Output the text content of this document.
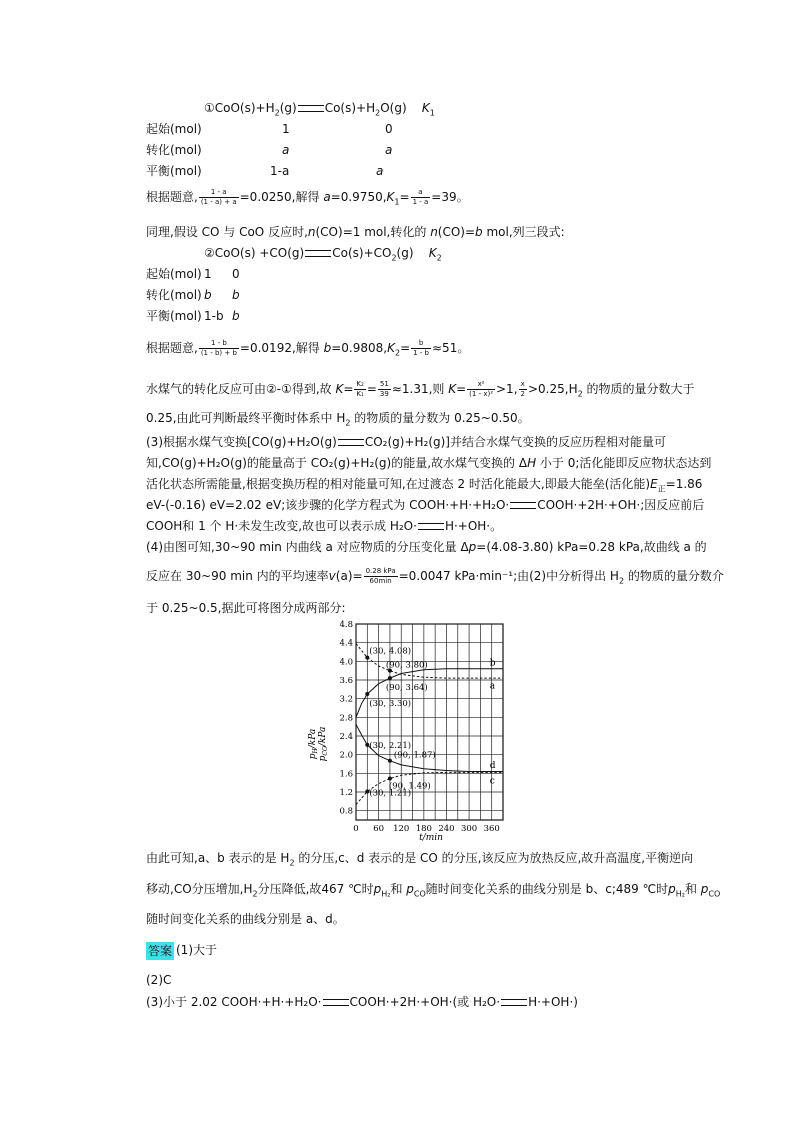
$①CoO(s)+H_2(g)$ $Co(s)+H_2O(g)$ $K_1$
起始(mol)	1	0
转化(mol)	a	a
平衡(mol)	1-a	a
根据题意, $\frac{1 - a}{(1 - a) + a} =0.0250$,解得 $a=0.9750,K_1= \frac{a}{1 - a} =39$。
同理,假设 CO 与 CoO 反应时,n(CO)=1 mol,转化的 n(CO)=b mol,列三段式:
②CoO(s) +CO(g) $Co(s)+CO_2(g)$ $K_2$
起始(mol) 1 0
转化(mol) b b
平衡(mol) 1-b b
根据题意, $\frac{1 - b}{(1 - b) + b} =0.0192$,解得 $b=0.9808,K_2= \frac{b}{1 - b} \approx 51$。
水煤气的转化反应可由②-①得到,故 $K= \frac{\text{K₂}}{\text{K₁}} = \frac{51}{39} \approx 1.31$,则 $K= \frac{\text{x²}}{\text{(1 - x)²}} >1$, $\frac{x}{2} >0.25,H_2$ 的物质的量分数大于
0.25,由此可判断最终平衡时体系中 $H_2$ 的物质的量分数为 0.25~0.50。
(3)根据水煤气变换[CO(g)+H₂O(g) CO₂(g)+H₂(g)]并结合水煤气变换的反应历程相对能量可
知,CO(g)+H₂O(g)的能量高于 CO₂(g)+H₂(g)的能量,故水煤气变换的 ΔH 小于 0;活化能即反应物状态达到
活化状态所需能量,根据变换历程的相对能量可知,在过渡态 2 时活化能最大,即最大能垒(活化能)$E_正=1.86$
eV-(-0.16) eV=2.02 eV;该步骤的化学方程式为 COOH·+H·+H₂O· COOH·+2H·+OH·;因反应前后
COOH和 1 个 H·未发生改变,故也可以表示成 H₂O· H·+OH·。
(4)由图可知,30~90 min 内曲线 a 对应物质的分压变化量 Δp=(4.08-3.80) kPa=0.28 kPa,故曲线 a 的
反应在 30~90 min 内的平均速率$v(a)= \frac{\text{0.28 kPa}}{60\min} =0.0047$ kPa·min⁻¹;由(2)中分析得出 $H_2$ 的物质的量分数介
于 0.25~0.5,据此可将图分成两部分:
a
b
c
d
(30, 4.08)
(90, 3.80)
(90, 3.64)
(30, 3.30)
(30, 2.21)
(90, 1.87)
(90, 1.49)
(30, 1.21)
0.8
1.2
1.6
2.0
2.4
2.8
3.2
3.6
4.0
4.4
4.8
0 60 120 180 240 300 360
t/min
$p_H$/kPa
$p_{CO}$/kPa
由此可知,a、b 表示的是 $H_2$ 的分压,c、d 表示的是 CO 的分压,该反应为放热反应,故升高温度,平衡逆向
移动,CO分压增加$,H_2$分压降低,故467 ℃时$p_{H_2}$和 $p_{CO}$随时间变化关系的曲线分别是 b、c;489 ℃时$p_{H_2}$和 $p_{CO}$
随时间变化关系的曲线分别是 a、d。
答案 (1)大于
(2)C
(3)小于 2.02 COOH·+H·+H₂O· COOH·+2H·+OH·(或 H₂O· H·+OH·)
